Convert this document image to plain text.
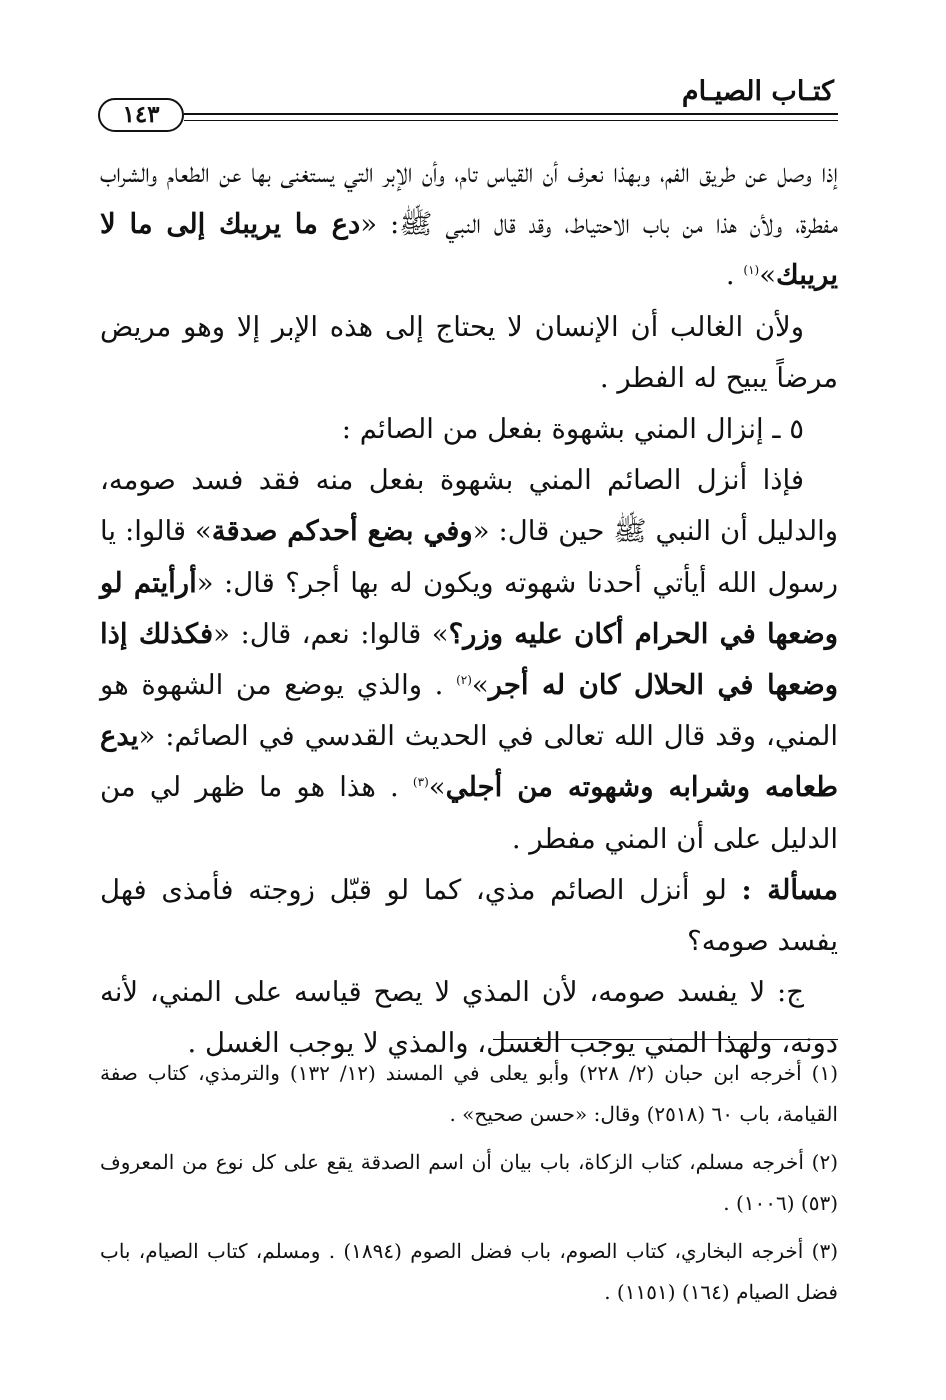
كتـاب الصيـام
١٤٣

إذا وصل عن طريق الفم، وبهذا نعرف أن القياس تام، وأن الإبر التي يستغنى بها عن الطعام والشراب مفطرة، ولأن هذا من باب الاحتياط، وقد قال النبي ﷺ: «دع ما يريبك إلى ما لا يريبك»$^{(١)}$ .

ولأن الغالب أن الإنسان لا يحتاج إلى هذه الإبر إلا وهو مريض مرضاً يبيح له الفطر .

٥ ـ إنزال المني بشهوة بفعل من الصائم :

فإذا أنزل الصائم المني بشهوة بفعل منه فقد فسد صومه، والدليل أن النبي ﷺ حين قال: «وفي بضع أحدكم صدقة» قالوا: يا رسول الله أيأتي أحدنا شهوته ويكون له بها أجر؟ قال: «أرأيتم لو وضعها في الحرام أكان عليه وزر؟» قالوا: نعم، قال: «فكذلك إذا وضعها في الحلال كان له أجر»$^{(٢)}$ . والذي يوضع من الشهوة هو المني، وقد قال الله تعالى في الحديث القدسي في الصائم: «يدع طعامه وشرابه وشهوته من أجلي»$^{(٣)}$ . هذا هو ما ظهر لي من الدليل على أن المني مفطر .

مسألة : لو أنزل الصائم مذي، كما لو قبّل زوجته فأمذى فهل يفسد صومه؟

ج: لا يفسد صومه، لأن المذي لا يصح قياسه على المني، لأنه دونه، ولهذا المني يوجب الغسل، والمذي لا يوجب الغسل .

(١) أخرجه ابن حبان (٢/ ٢٢٨) وأبو يعلى في المسند (١٢/ ١٣٢) والترمذي، كتاب صفة القيامة، باب ٦٠ (٢٥١٨) وقال: «حسن صحيح» .

(٢) أخرجه مسلم، كتاب الزكاة، باب بيان أن اسم الصدقة يقع على كل نوع من المعروف (٥٣) (١٠٠٦) .

(٣) أخرجه البخاري، كتاب الصوم، باب فضل الصوم (١٨٩٤) . ومسلم، كتاب الصيام، باب فضل الصيام (١٦٤) (١١٥١) .
